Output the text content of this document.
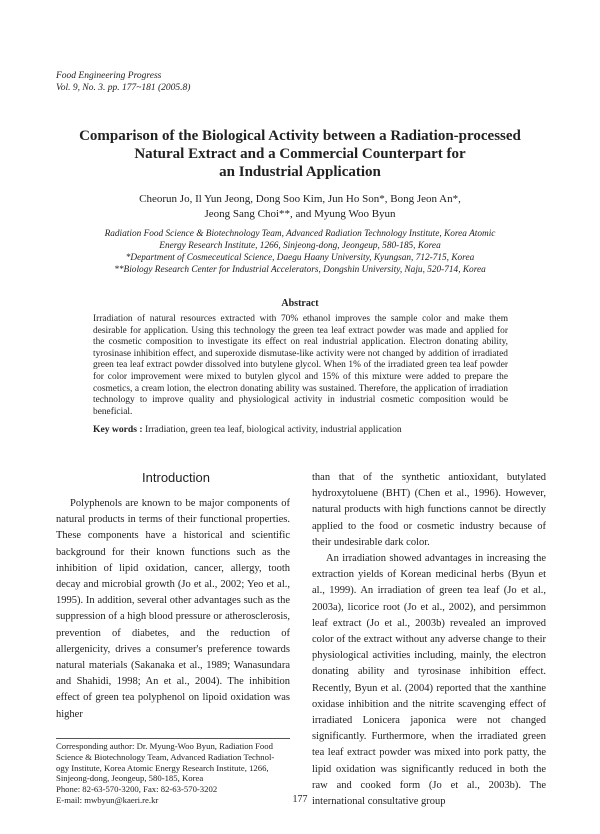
Food Engineering Progress
Vol. 9, No. 3. pp. 177~181 (2005.8)
Comparison of the Biological Activity between a Radiation-processed
Natural Extract and a Commercial Counterpart for
an Industrial Application
Cheorun Jo, Il Yun Jeong, Dong Soo Kim, Jun Ho Son*, Bong Jeon An*,
Jeong Sang Choi**, and Myung Woo Byun
Radiation Food Science & Biotechnology Team, Advanced Radiation Technology Institute, Korea Atomic
Energy Research Institute, 1266, Sinjeong-dong, Jeongeup, 580-185, Korea
*Department of Cosmeceutical Science, Daegu Haany University, Kyungsan, 712-715, Korea
**Biology Research Center for Industrial Accelerators, Dongshin University, Naju, 520-714, Korea
Abstract
Irradiation of natural resources extracted with 70% ethanol improves the sample color and make them desirable for application. Using this technology the green tea leaf extract powder was made and applied for the cosmetic composition to investigate its effect on real industrial application. Electron donating ability, tyrosinase inhibition effect, and superoxide dismutase-like activity were not changed by addition of irradiated green tea leaf extract powder dissolved into butylene glycol. When 1% of the irradiated green tea leaf powder for color improvement were mixed to butylen glycol and 15% of this mixture were added to prepare the cosmetics, a cream lotion, the electron donating ability was sustained. Therefore, the application of irradiation technology to improve quality and physiological activity in industrial cosmetic composition would be beneficial.
Key words : Irradiation, green tea leaf, biological activity, industrial application
Introduction

Polyphenols are known to be major components of natural products in terms of their functional properties. These components have a historical and scientific background for their known functions such as the inhibition of lipid oxidation, cancer, allergy, tooth decay and microbial growth (Jo et al., 2002; Yeo et al., 1995). In addition, several other advantages such as the suppression of a high blood pressure or atherosclerosis, prevention of diabetes, and the reduction of allergenicity, drives a consumer's preference towards natural materials (Sakanaka et al., 1989; Wanasundara and Shahidi, 1998; An et al., 2004). The inhibition effect of green tea polyphenol on lipoid oxidation was higher

than that of the synthetic antioxidant, butylated hydroxytoluene (BHT) (Chen et al., 1996). However, natural products with high functions cannot be directly applied to the food or cosmetic industry because of their undesirable dark color.

An irradiation showed advantages in increasing the extraction yields of Korean medicinal herbs (Byun et al., 1999). An irradiation of green tea leaf (Jo et al., 2003a), licorice root (Jo et al., 2002), and persimmon leaf extract (Jo et al., 2003b) revealed an improved color of the extract without any adverse change to their physiological activities including, mainly, the electron donating ability and tyrosinase inhibition effect. Recently, Byun et al. (2004) reported that the xanthine oxidase inhibition and the nitrite scavenging effect of irradiated Lonicera japonica were not changed significantly. Furthermore, when the irradiated green tea leaf extract powder was mixed into pork patty, the lipid oxidation was significantly reduced in both the raw and cooked form (Jo et al., 2003b). The international consultative group

Corresponding author: Dr. Myung-Woo Byun, Radiation Food
Science & Biotechnology Team, Advanced Radiation Technol-
ogy Institute, Korea Atomic Energy Research Institute, 1266,
Sinjeong-dong, Jeongeup, 580-185, Korea
Phone: 82-63-570-3200, Fax: 82-63-570-3202
E-mail: mwbyun@kaeri.re.kr	177
